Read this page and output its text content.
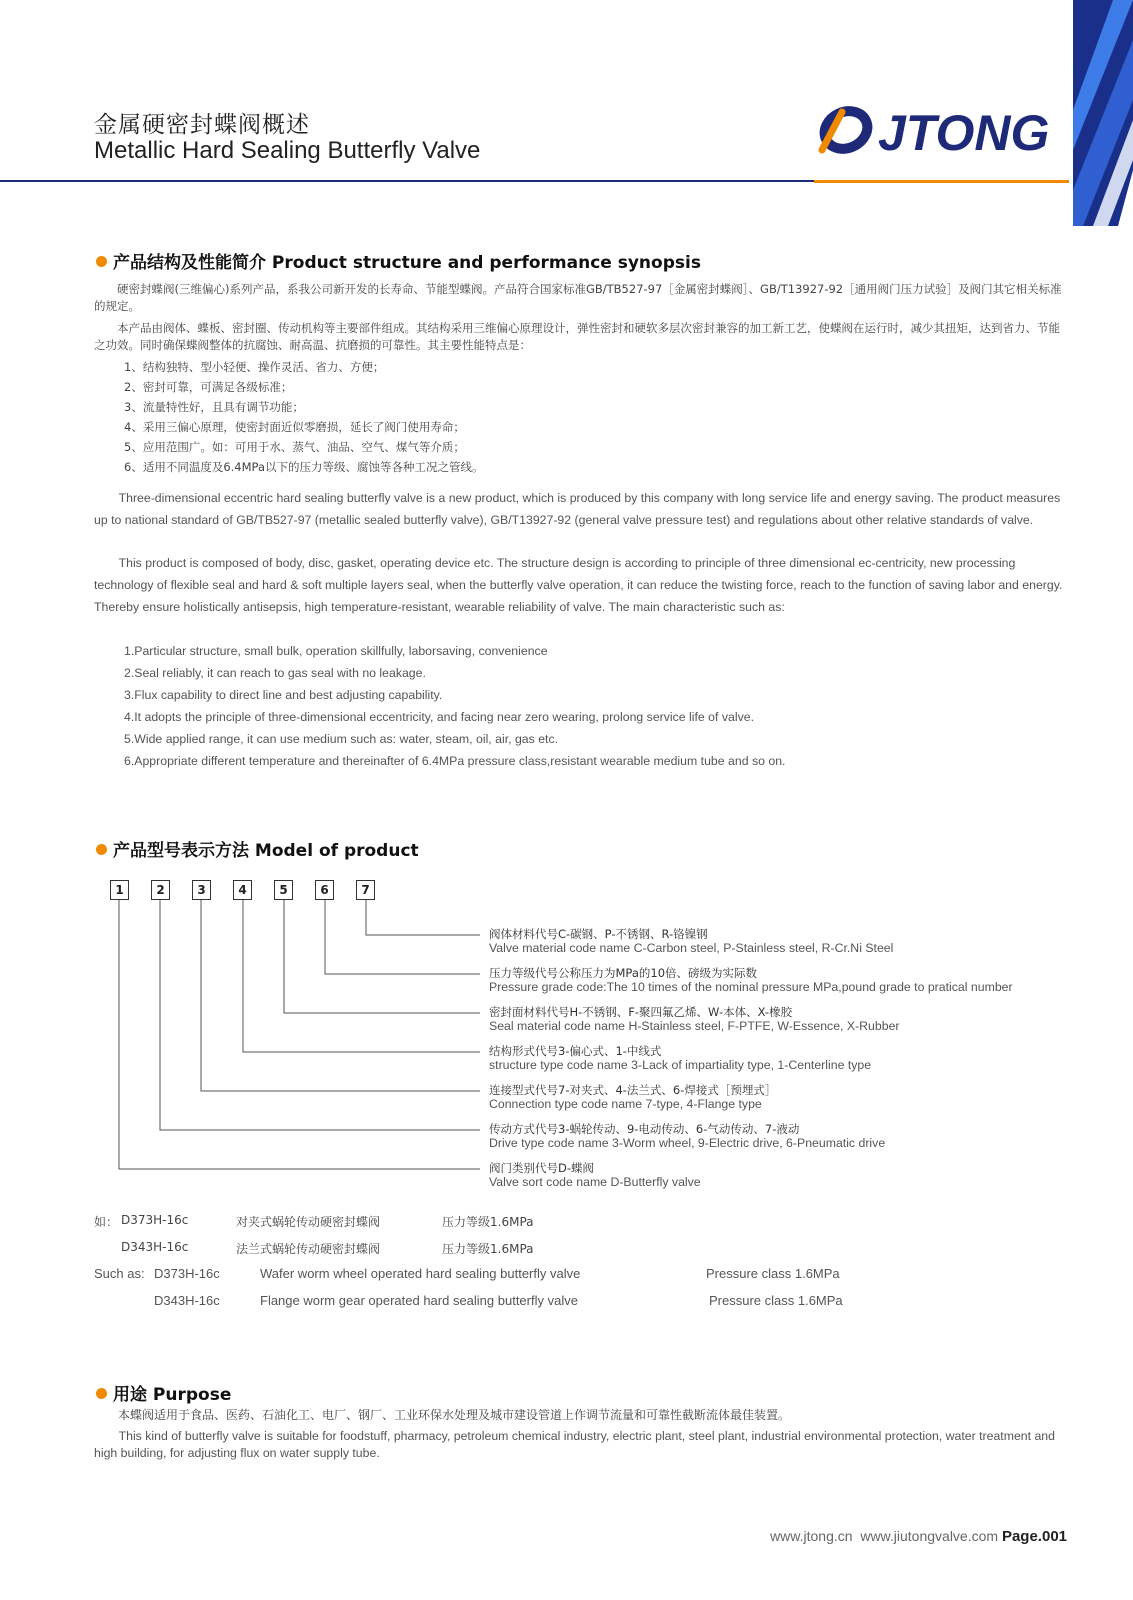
金属硬密封蝶阀概述
Metallic Hard Sealing Butterfly Valve	JTONG
产品结构及性能简介 Product structure and performance synopsis
硬密封蝶阀(三维偏心)系列产品，系我公司新开发的长寿命、节能型蝶阀。产品符合国家标准GB/TB527-97［金属密封蝶阀］、GB/T13927-92［通用阀门压力试验］及阀门其它相关标准的规定。
本产品由阀体、蝶板、密封圈、传动机构等主要部件组成。其结构采用三维偏心原理设计，弹性密封和硬软多层次密封兼容的加工新工艺，使蝶阀在运行时，减少其扭矩，达到省力、节能之功效。同时确保蝶阀整体的抗腐蚀、耐高温、抗磨损的可靠性。其主要性能特点是：
1、结构独特、型小轻便、操作灵活、省力、方便；
2、密封可靠，可满足各级标准；
3、流量特性好，且具有调节功能；
4、采用三偏心原理，使密封面近似零磨损，延长了阀门使用寿命；
5、应用范围广。如：可用于水、蒸气、油品、空气、煤气等介质；
6、适用不同温度及6.4MPa以下的压力等级、腐蚀等各种工况之管线。
Three-dimensional eccentric hard sealing butterfly valve is a new product, which is produced by this company with long service life and energy saving. The product measures up to national standard of GB/TB527-97 (metallic sealed butterfly valve), GB/T13927-92 (general valve pressure test) and regulations about other relative standards of valve.
This product is composed of body, disc, gasket, operating device etc. The structure design is according to principle of three dimensional ec-centricity, new processing technology of flexible seal and hard & soft multiple layers seal, when the butterfly valve operation, it can reduce the twisting force, reach to the function of saving labor and energy. Thereby ensure holistically antisepsis, high temperature-resistant, wearable reliability of valve. The main characteristic such as:
1.Particular structure, small bulk, operation skillfully, laborsaving, convenience
2.Seal reliably, it can reach to gas seal with no leakage.
3.Flux capability to direct line and best adjusting capability.
4.It adopts the principle of three-dimensional eccentricity, and facing near zero wearing, prolong service life of valve.
5.Wide applied range, it can use medium such as: water, steam, oil, air, gas etc.
6.Appropriate different temperature and thereinafter of 6.4MPa pressure class,resistant wearable medium tube and so on.
产品型号表示方法 Model of product
1	2	3	4	5	6	7
阀体材料代号C-碳钢、P-不锈钢、R-铬镍钢
Valve material code name C-Carbon steel, P-Stainless steel, R-Cr.Ni Steel
压力等级代号公称压力为MPa的10倍、磅级为实际数
Pressure grade code:The 10 times of the nominal pressure MPa,pound grade to pratical number
密封面材料代号H-不锈钢、F-聚四氟乙烯、W-本体、X-橡胶
Seal material code name H-Stainless steel, F-PTFE, W-Essence, X-Rubber
结构形式代号3-偏心式、1-中线式
structure type code name 3-Lack of impartiality type, 1-Centerline type
连接型式代号7-对夹式、4-法兰式、6-焊接式［预埋式］
Connection type code name 7-type, 4-Flange type
传动方式代号3-蜗轮传动、9-电动传动、6-气动传动、7-液动
Drive type code name 3-Worm wheel, 9-Electric drive, 6-Pneumatic drive
阀门类别代号D-蝶阀
Valve sort code name D-Butterfly valve
如： D373H-16c	对夹式蜗轮传动硬密封蝶阀	压力等级1.6MPa
D343H-16c	法兰式蜗轮传动硬密封蝶阀	压力等级1.6MPa
Such as: D373H-16c	Wafer worm wheel operated hard sealing butterfly valve	Pressure class 1.6MPa
D343H-16c	Flange worm gear operated hard sealing butterfly valve	Pressure class 1.6MPa
用途 Purpose
本蝶阀适用于食品、医药、石油化工、电厂、钢厂、工业环保水处理及城市建设管道上作调节流量和可靠性截断流体最佳装置。
This kind of butterfly valve is suitable for foodstuff, pharmacy, petroleum chemical industry, electric plant, steel plant, industrial environmental protection, water treatment and high building, for adjusting flux on water supply tube.
www.jtong.cn www.jiutongvalve.com Page.001
